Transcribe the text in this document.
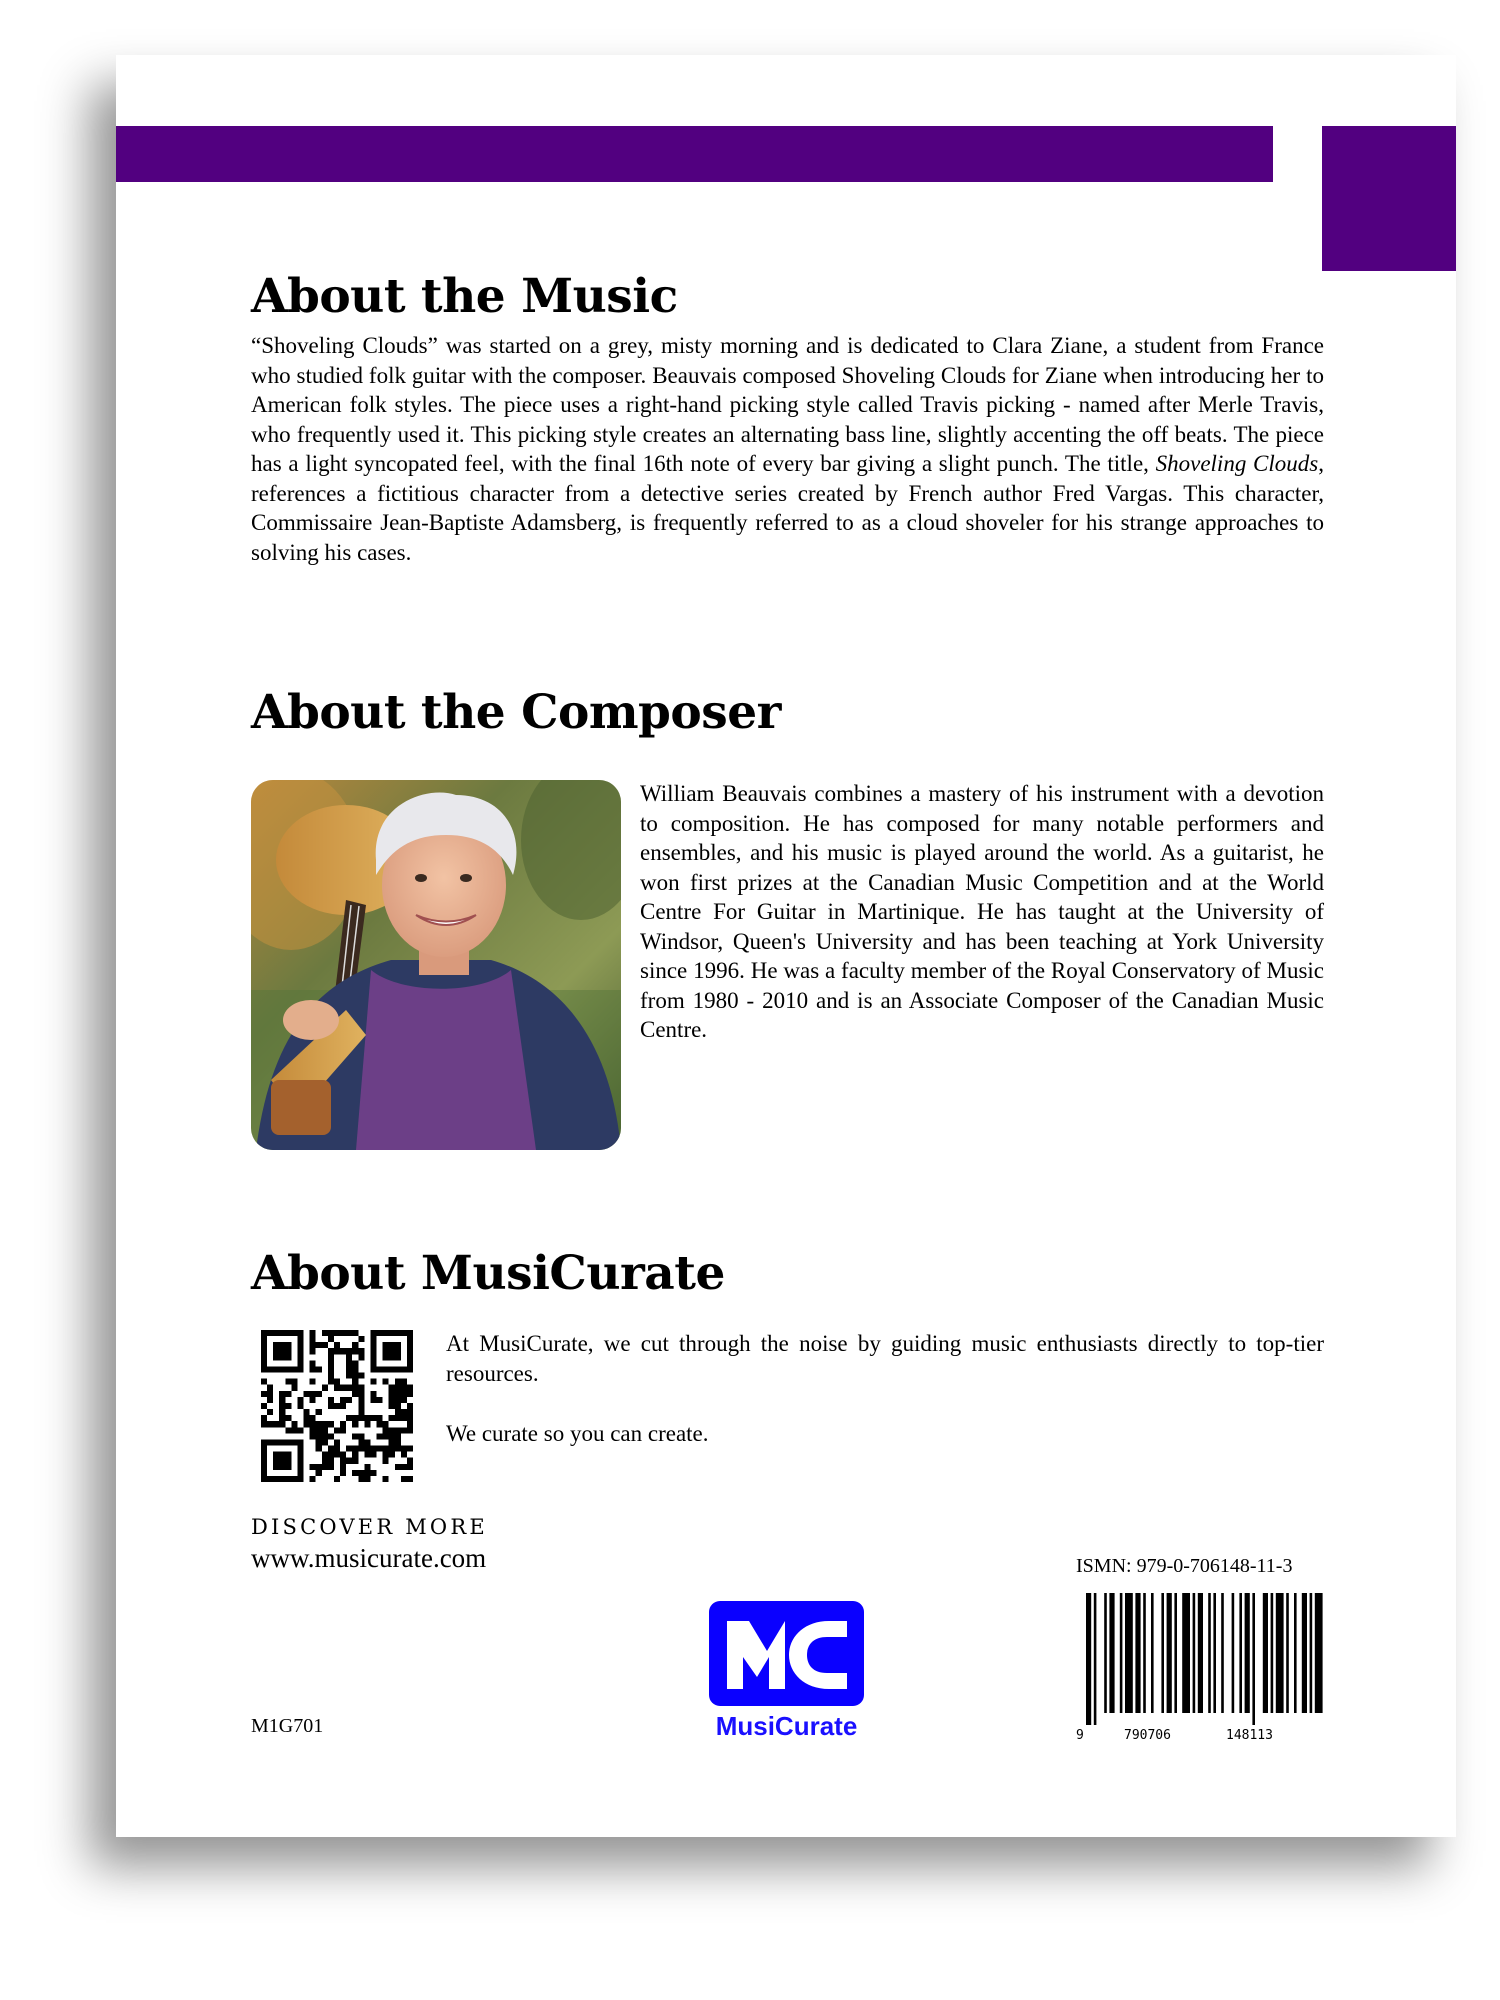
About the Music

“Shoveling Clouds” was started on a grey, misty morning and is dedicated to Clara Ziane, a student from France who studied folk guitar with the composer. Beauvais composed Shoveling Clouds for Ziane when introducing her to American folk styles. The piece uses a right-hand picking style called Travis picking - named after Merle Travis, who frequently used it. This picking style creates an alternating bass line, slightly accenting the off beats. The piece has a light syncopated feel, with the final 16th note of every bar giving a slight punch. The title, Shoveling Clouds, references a fictitious character from a detective series created by French author Fred Vargas. This character, Commissaire Jean-Baptiste Adamsberg, is frequently referred to as a cloud shoveler for his strange approaches to solving his cases.

About the Composer

William Beauvais combines a mastery of his instrument with a devotion to composition. He has composed for many notable performers and ensembles, and his music is played around the world. As a guitarist, he won first prizes at the Canadian Music Competition and at the World Centre For Guitar in Martinique. He has taught at the University of Windsor, Queen's University and has been teaching at York University since 1996. He was a faculty member of the Royal Conservatory of Music from 1980 - 2010 and is an Associate Composer of the Canadian Music Centre.

About MusiCurate

At MusiCurate, we cut through the noise by guiding music enthusiasts directly to top-tier resources.

We curate so you can create.

DISCOVER MORE
www.musicurate.com
M1G701	MusiCurate
ISMN: 979-0-706148-11-3
9	790706	148113
